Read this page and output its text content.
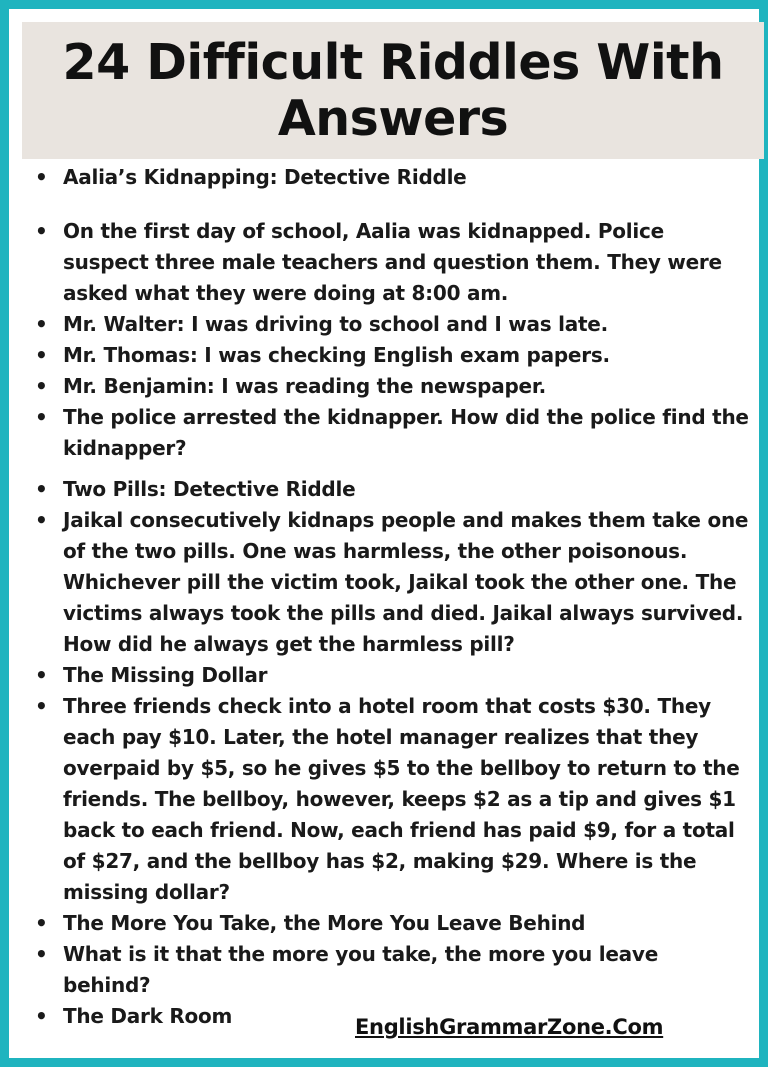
24 Difficult Riddles With Answers
• Aalia’s Kidnapping: Detective Riddle
• On the first day of school, Aalia was kidnapped. Police suspect three male teachers and question them. They were asked what they were doing at 8:00 am.
• Mr. Walter: I was driving to school and I was late.
• Mr. Thomas: I was checking English exam papers.
• Mr. Benjamin: I was reading the newspaper.
• The police arrested the kidnapper. How did the police find the kidnapper?
• Two Pills: Detective Riddle
• Jaikal consecutively kidnaps people and makes them take one of the two pills. One was harmless, the other poisonous. Whichever pill the victim took, Jaikal took the other one. The victims always took the pills and died. Jaikal always survived. How did he always get the harmless pill?
• The Missing Dollar
• Three friends check into a hotel room that costs $30. They each pay $10. Later, the hotel manager realizes that they overpaid by $5, so he gives $5 to the bellboy to return to the friends. The bellboy, however, keeps $2 as a tip and gives $1 back to each friend. Now, each friend has paid $9, for a total of $27, and the bellboy has $2, making $29. Where is the missing dollar?
• The More You Take, the More You Leave Behind
• What is it that the more you take, the more you leave behind?
• The Dark Room	EnglishGrammarZone.Com
